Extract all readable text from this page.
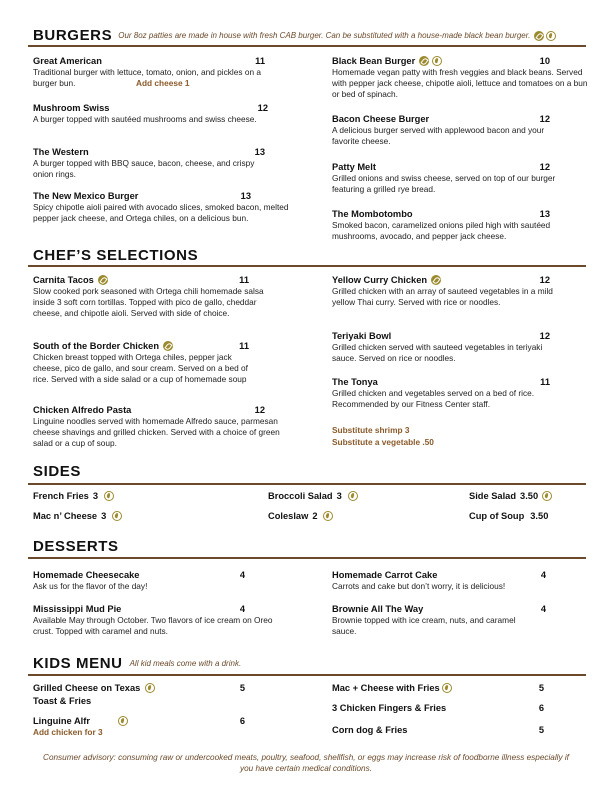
BURGERS Our 8oz patties are made in house with fresh CAB burger. Can be substituted with a house-made black bean burger.
Great American	11
Traditional burger with lettuce, tomato, onion, and pickles on a burger bun.	Add cheese 1
Mushroom Swiss	12
A burger topped with sautéed mushrooms and swiss cheese.
The Western	13
A burger topped with BBQ sauce, bacon, cheese, and crispy onion rings.
The New Mexico Burger	13
Spicy chipotle aioli paired with avocado slices, smoked bacon, melted pepper jack cheese, and Ortega chiles, on a delicious bun.
Black Bean Burger	10
Homemade vegan patty with fresh veggies and black beans. Served with pepper jack cheese, chipotle aioli, lettuce and tomatoes on a bun or bed of spinach.
Bacon Cheese Burger	12
A delicious burger served with applewood bacon and your favorite cheese.
Patty Melt	12
Grilled onions and swiss cheese, served on top of our burger featuring a grilled rye bread.
The Mombotombo	13
Smoked bacon, caramelized onions piled high with sautéed mushrooms, avocado, and pepper jack cheese.
CHEF’S SELECTIONS
Carnita Tacos	11
Slow cooked pork seasoned with Ortega chili homemade salsa inside 3 soft corn tortillas. Topped with pico de gallo, cheddar cheese, and chipotle aioli. Served with side of choice.
South of the Border Chicken	11
Chicken breast topped with Ortega chiles, pepper jack cheese, pico de gallo, and sour cream. Served on a bed of rice. Served with a side salad or a cup of homemade soup
Chicken Alfredo Pasta	12
Linguine noodles served with homemade Alfredo sauce, parmesan cheese shavings and grilled chicken. Served with a choice of green salad or a cup of soup.
Yellow Curry Chicken	12
Grilled chicken with an array of sauteed vegetables in a mild yellow Thai curry. Served with rice or noodles.
Teriyaki Bowl	12
Grilled chicken served with sauteed vegetables in teriyaki sauce. Served on rice or noodles.
The Tonya	11
Grilled chicken and vegetables served on a bed of rice. Recommended by our Fitness Center staff.
Substitute shrimp 3
Substitute a vegetable .50
SIDES
French Fries 3	Broccoli Salad 3	Side Salad 3.50
Mac n’ Cheese 3	Coleslaw 2	Cup of Soup 3.50
DESSERTS
Homemade Cheesecake	4
Ask us for the flavor of the day!
Mississippi Mud Pie	4
Available May through October. Two flavors of ice cream on Oreo crust. Topped with caramel and nuts.
Homemade Carrot Cake	4
Carrots and cake but don’t worry, it is delicious!
Brownie All The Way	4
Brownie topped with ice cream, nuts, and caramel sauce.
KIDS MENU All kid meals come with a drink.
Grilled Cheese on Texas	5
Toast & Fries
Linguine Alfr	6
Add chicken for 3
Mac + Cheese with Fries	5
3 Chicken Fingers & Fries	6
Corn dog & Fries	5
Consumer advisory: consuming raw or undercooked meats, poultry, seafood, shellfish, or eggs may increase risk of foodborne illness especially if you have certain medical conditions.
